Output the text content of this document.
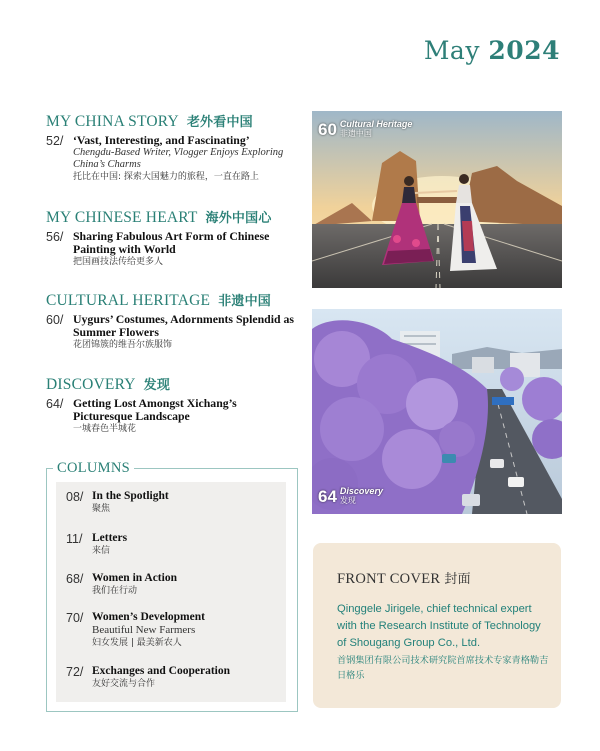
May 2024
MY CHINA STORY 老外看中国
52/ ‘Vast, Interesting, and Fascinating’
Chengdu-Based Writer, Vlogger Enjoys Exploring China’s Charms
托比在中国: 探索大国魅力的旅程，一直在路上
MY CHINESE HEART 海外中国心
56/ Sharing Fabulous Art Form of Chinese Painting with World
把国画技法传给更多人
CULTURAL HERITAGE 非遗中国
60/ Uygurs’ Costumes, Adornments Splendid as Summer Flowers
花团锦簇的维吾尔族服饰
DISCOVERY 发现
64/ Getting Lost Amongst Xichang’s Picturesque Landscape
一城春色半城花
60 Cultural Heritage
非遗中国
64 Discovery
发现
COLUMNS
08/ In the Spotlight
聚焦
11/ Letters
来信
68/ Women in Action
我们在行动
70/ Women’s Development
Beautiful New Farmers
妇女发展 | 最美新农人
72/ Exchanges and Cooperation
友好交流与合作
FRONT COVER 封面
Qinggele Jirigele, chief technical expert with the Research Institute of Technology of Shougang Group Co., Ltd.
首钢集团有限公司技术研究院首席技术专家青格勒吉日格乐
